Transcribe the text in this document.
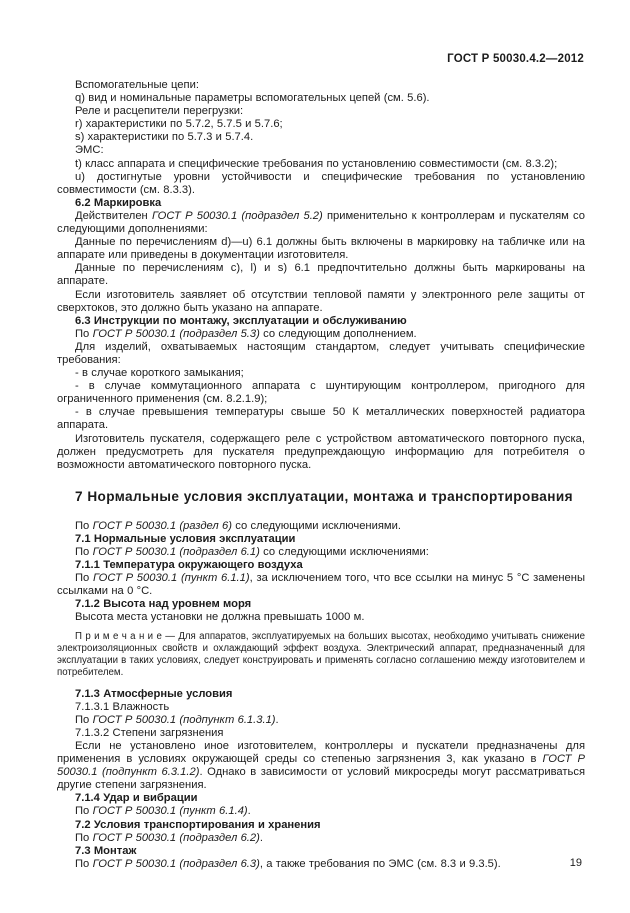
ГОСТ Р 50030.4.2—2012

Вспомогательные цепи:

q) вид и номинальные параметры вспомогательных цепей (см. 5.6).

Реле и расцепители перегрузки:

r) характеристики по 5.7.2, 5.7.5 и 5.7.6;

s) характеристики по 5.7.3 и 5.7.4.

ЭМС:

t) класс аппарата и специфические требования по установлению совместимости (см. 8.3.2);

u) достигнутые уровни устойчивости и специфические требования по установлению совместимости (см. 8.3.3).

6.2 Маркировка

Действителен ГОСТ Р 50030.1 (подраздел 5.2) применительно к контроллерам и пускателям со следующими дополнениями:

Данные по перечислениям d)—u) 6.1 должны быть включены в маркировку на табличке или на аппарате или приведены в документации изготовителя.

Данные по перечислениям c), l) и s) 6.1 предпочтительно должны быть маркированы на аппарате.

Если изготовитель заявляет об отсутствии тепловой памяти у электронного реле защиты от сверхтоков, это должно быть указано на аппарате.

6.3 Инструкции по монтажу, эксплуатации и обслуживанию

По ГОСТ Р 50030.1 (подраздел 5.3) со следующим дополнением.

Для изделий, охватываемых настоящим стандартом, следует учитывать специфические требования:

- в случае короткого замыкания;

- в случае коммутационного аппарата с шунтирующим контроллером, пригодного для ограниченного применения (см. 8.2.1.9);

- в случае превышения температуры свыше 50 К металлических поверхностей радиатора аппарата.

Изготовитель пускателя, содержащего реле с устройством автоматического повторного пуска, должен предусмотреть для пускателя предупреждающую информацию для потребителя о возможности автоматического повторного пуска.

7 Нормальные условия эксплуатации, монтажа и транспортирования

По ГОСТ Р 50030.1 (раздел 6) со следующими исключениями.

7.1 Нормальные условия эксплуатации

По ГОСТ Р 50030.1 (подраздел 6.1) со следующими исключениями:

7.1.1 Температура окружающего воздуха

По ГОСТ Р 50030.1 (пункт 6.1.1), за исключением того, что все ссылки на минус 5 °С заменены ссылками на 0 °С.

7.1.2 Высота над уровнем моря

Высота места установки не должна превышать 1000 м.

П р и м е ч а н и е — Для аппаратов, эксплуатируемых на больших высотах, необходимо учитывать снижение электроизоляционных свойств и охлаждающий эффект воздуха. Электрический аппарат, предназначенный для эксплуатации в таких условиях, следует конструировать и применять согласно соглашению между изготовителем и потребителем.

7.1.3 Атмосферные условия

7.1.3.1 Влажность

По ГОСТ Р 50030.1 (подпункт 6.1.3.1).

7.1.3.2 Степени загрязнения

Если не установлено иное изготовителем, контроллеры и пускатели предназначены для применения в условиях окружающей среды со степенью загрязнения 3, как указано в ГОСТ Р 50030.1 (подпункт 6.3.1.2). Однако в зависимости от условий микросреды могут рассматриваться другие степени загрязнения.

7.1.4 Удар и вибрации

По ГОСТ Р 50030.1 (пункт 6.1.4).

7.2 Условия транспортирования и хранения

По ГОСТ Р 50030.1 (подраздел 6.2).

7.3 Монтаж

По ГОСТ Р 50030.1 (подраздел 6.3), а также требования по ЭМС (см. 8.3 и 9.3.5).	19
